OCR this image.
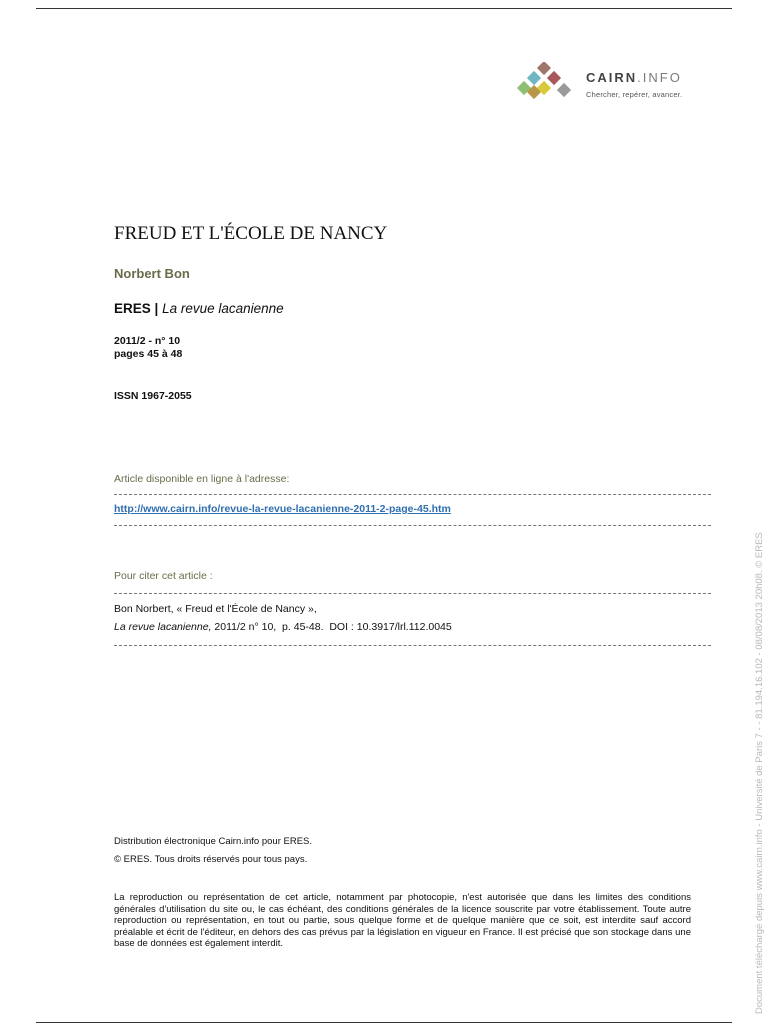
CAIRN.INFO
Chercher, repérer, avancer.
FREUD ET L'ÉCOLE DE NANCY
Norbert Bon
ERES | La revue lacanienne
2011/2 - n° 10
pages 45 à 48
ISSN 1967-2055
Article disponible en ligne à l'adresse:
http://www.cairn.info/revue-la-revue-lacanienne-2011-2-page-45.htm
Pour citer cet article :
Bon Norbert, « Freud et l'École de Nancy »,
La revue lacanienne, 2011/2 n° 10,  p. 45-48.  DOI : 10.3917/lrl.112.0045
Distribution électronique Cairn.info pour ERES.
© ERES. Tous droits réservés pour tous pays.
La reproduction ou représentation de cet article, notamment par photocopie, n'est autorisée que dans les limites des conditions générales d'utilisation du site ou, le cas échéant, des conditions générales de la licence souscrite par votre établissement. Toute autre reproduction ou représentation, en tout ou partie, sous quelque forme et de quelque manière que ce soit, est interdite sauf accord préalable et écrit de l'éditeur, en dehors des cas prévus par la législation en vigueur en France. Il est précisé que son stockage dans une base de données est également interdit.	Document téléchargé depuis www.cairn.info - Université de Paris 7 - - 81.194.16.102 - 08/08/2013 20h08. © ERES
